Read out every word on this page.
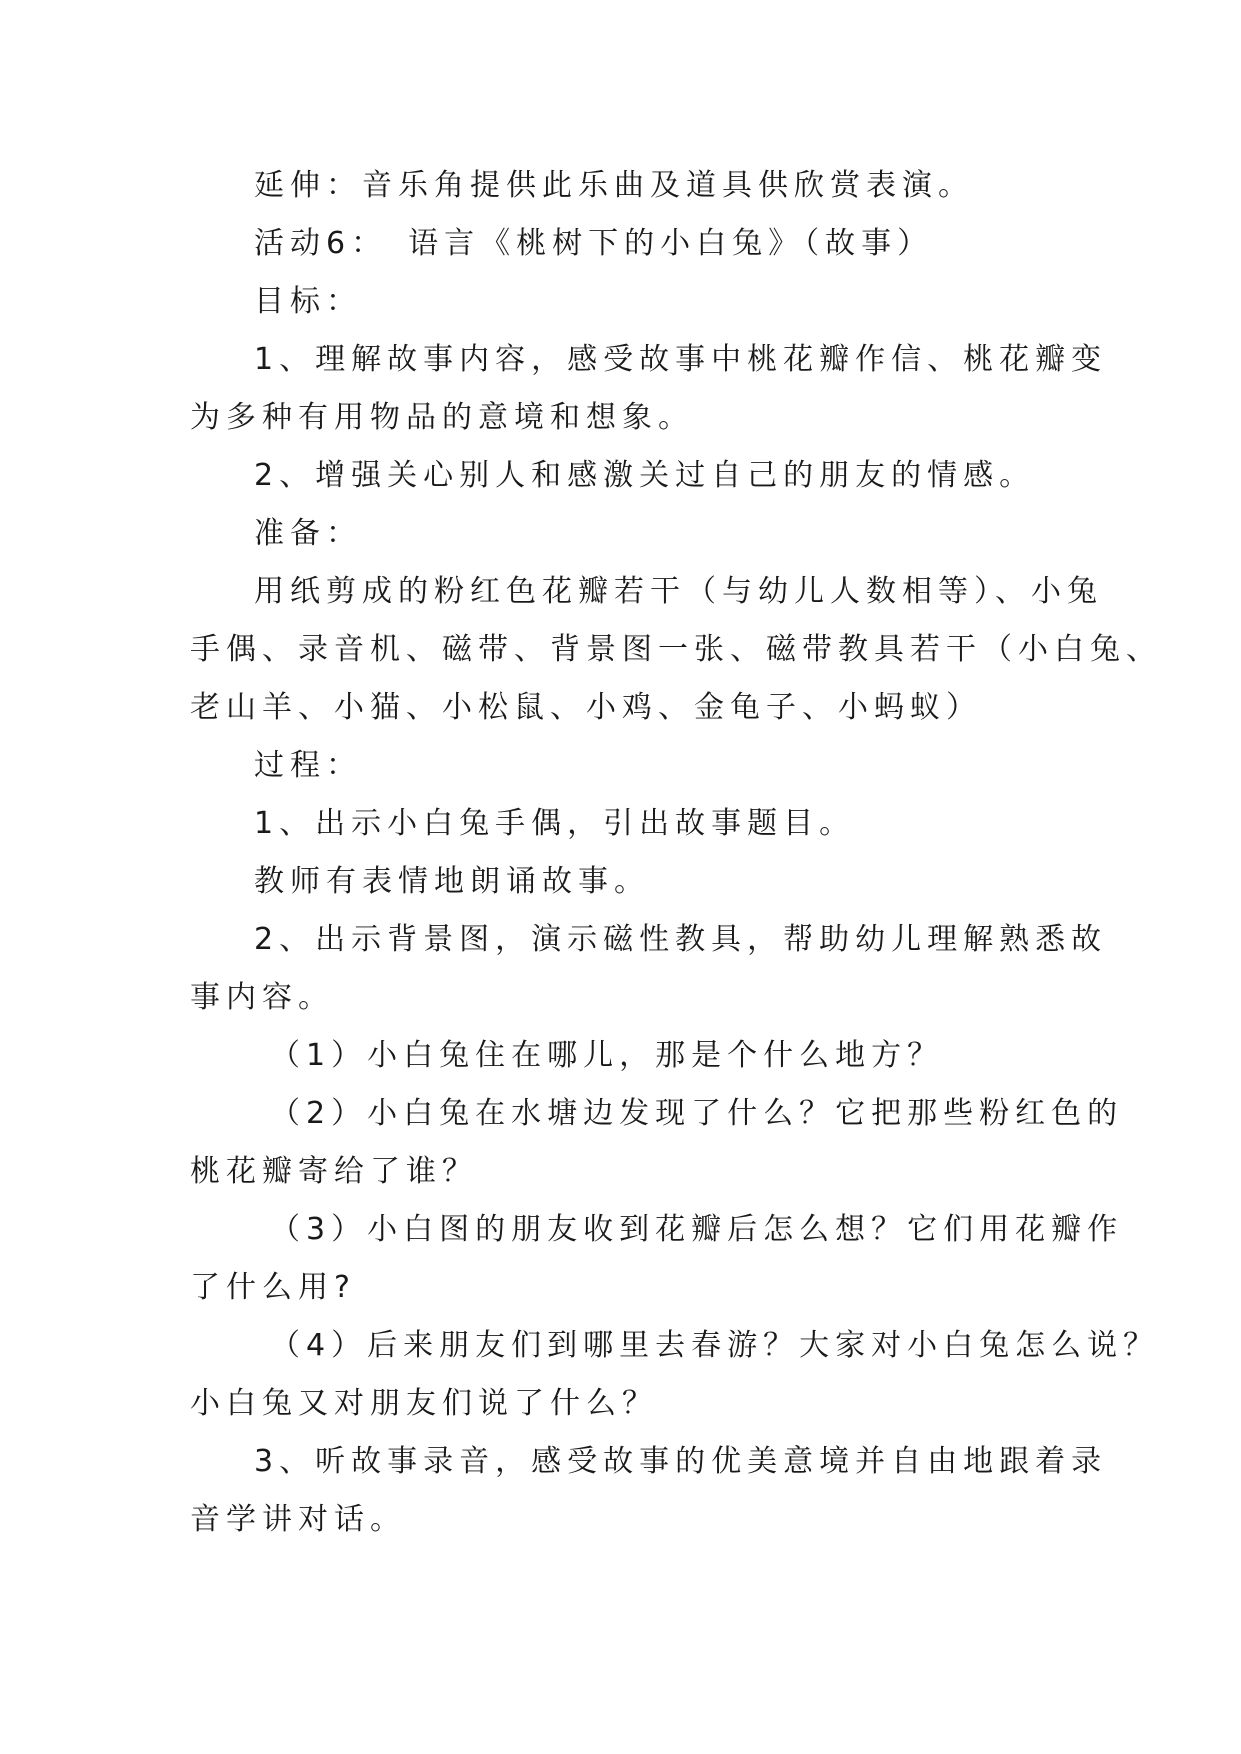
延伸：音乐角提供此乐曲及道具供欣赏表演。

活动6：　语言《桃树下的小白兔》（故事）

目标：

1、理解故事内容，感受故事中桃花瓣作信、桃花瓣变

为多种有用物品的意境和想象。

2、增强关心别人和感激关过自己的朋友的情感。

准备：

用纸剪成的粉红色花瓣若干（与幼儿人数相等）、小兔

手偶、录音机、磁带、背景图一张、磁带教具若干（小白兔、

老山羊、小猫、小松鼠、小鸡、金龟子、小蚂蚁）

过程：

1、出示小白兔手偶，引出故事题目。

教师有表情地朗诵故事。

2、出示背景图，演示磁性教具，帮助幼儿理解熟悉故

事内容。

（1）小白兔住在哪儿，那是个什么地方？

（2）小白兔在水塘边发现了什么？它把那些粉红色的

桃花瓣寄给了谁？

（3）小白图的朋友收到花瓣后怎么想？它们用花瓣作

了什么用?

（4）后来朋友们到哪里去春游？大家对小白兔怎么说？

小白兔又对朋友们说了什么？

3、听故事录音，感受故事的优美意境并自由地跟着录

音学讲对话。
